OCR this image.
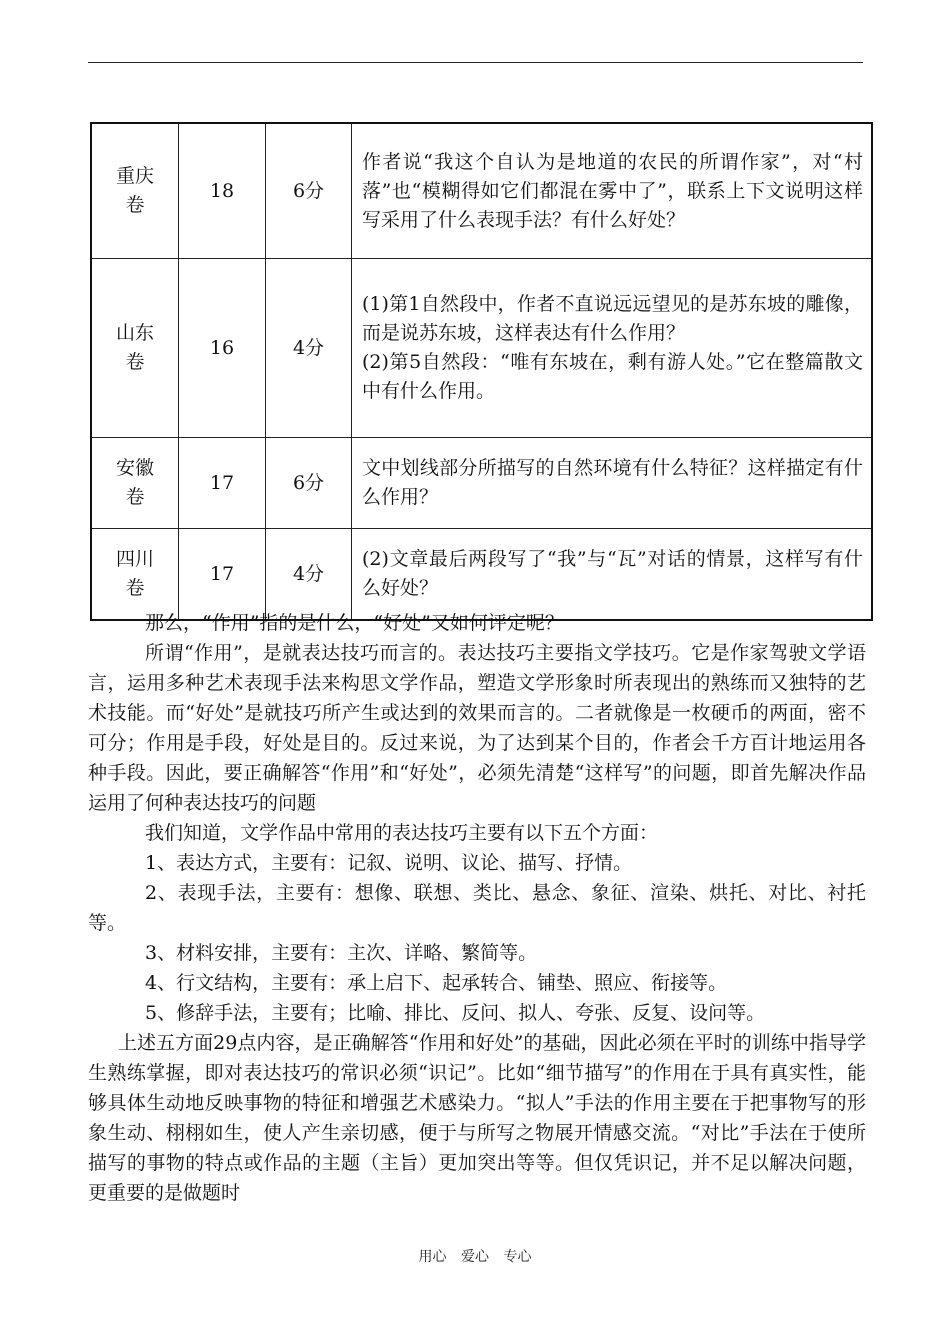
重庆
卷	18	6分	作者说“我这个自认为是地道的农民的所谓作家”，对“村落”也“模糊得如它们都混在雾中了”，联系上下文说明这样写采用了什么表现手法？有什么好处？
山东
卷	16	4分	(1)第1自然段中，作者不直说远远望见的是苏东坡的雕像，而是说苏东坡，这样表达有什么作用？
(2)第5自然段：“唯有东坡在，剩有游人处。”它在整篇散文中有什么作用。
安徽
卷	17	6分	文中划线部分所描写的自然环境有什么特征？这样描定有什么作用？
四川
卷	17	4分	(2)文章最后两段写了“我”与“瓦”对话的情景，这样写有什么好处？

那么，“作用”指的是什么，“好处”又如何评定呢？

所谓“作用”，是就表达技巧而言的。表达技巧主要指文学技巧。它是作家驾驶文学语言，运用多种艺术表现手法来构思文学作品，塑造文学形象时所表现出的熟练而又独特的艺术技能。而“好处”是就技巧所产生或达到的效果而言的。二者就像是一枚硬币的两面，密不可分；作用是手段，好处是目的。反过来说，为了达到某个目的，作者会千方百计地运用各种手段。因此，要正确解答“作用”和“好处”，必须先清楚“这样写”的问题，即首先解决作品运用了何种表达技巧的问题

我们知道，文学作品中常用的表达技巧主要有以下五个方面：

1、表达方式，主要有：记叙、说明、议论、描写、抒情。

2、表现手法，主要有：想像、联想、类比、悬念、象征、渲染、烘托、对比、衬托等。

3、材料安排，主要有：主次、详略、繁简等。

4、行文结构，主要有：承上启下、起承转合、铺垫、照应、衔接等。

5、修辞手法，主要有；比喻、排比、反问、拟人、夸张、反复、设问等。

上述五方面29点内容，是正确解答“作用和好处”的基础，因此必须在平时的训练中指导学生熟练掌握，即对表达技巧的常识必须“识记”。比如“细节描写”的作用在于具有真实性，能够具体生动地反映事物的特征和增强艺术感染力。“拟人”手法的作用主要在于把事物写的形象生动、栩栩如生，使人产生亲切感，便于与所写之物展开情感交流。“对比”手法在于使所描写的事物的特点或作品的主题（主旨）更加突出等等。但仅凭识记，并不足以解决问题，更重要的是做题时

用心 爱心 专心
